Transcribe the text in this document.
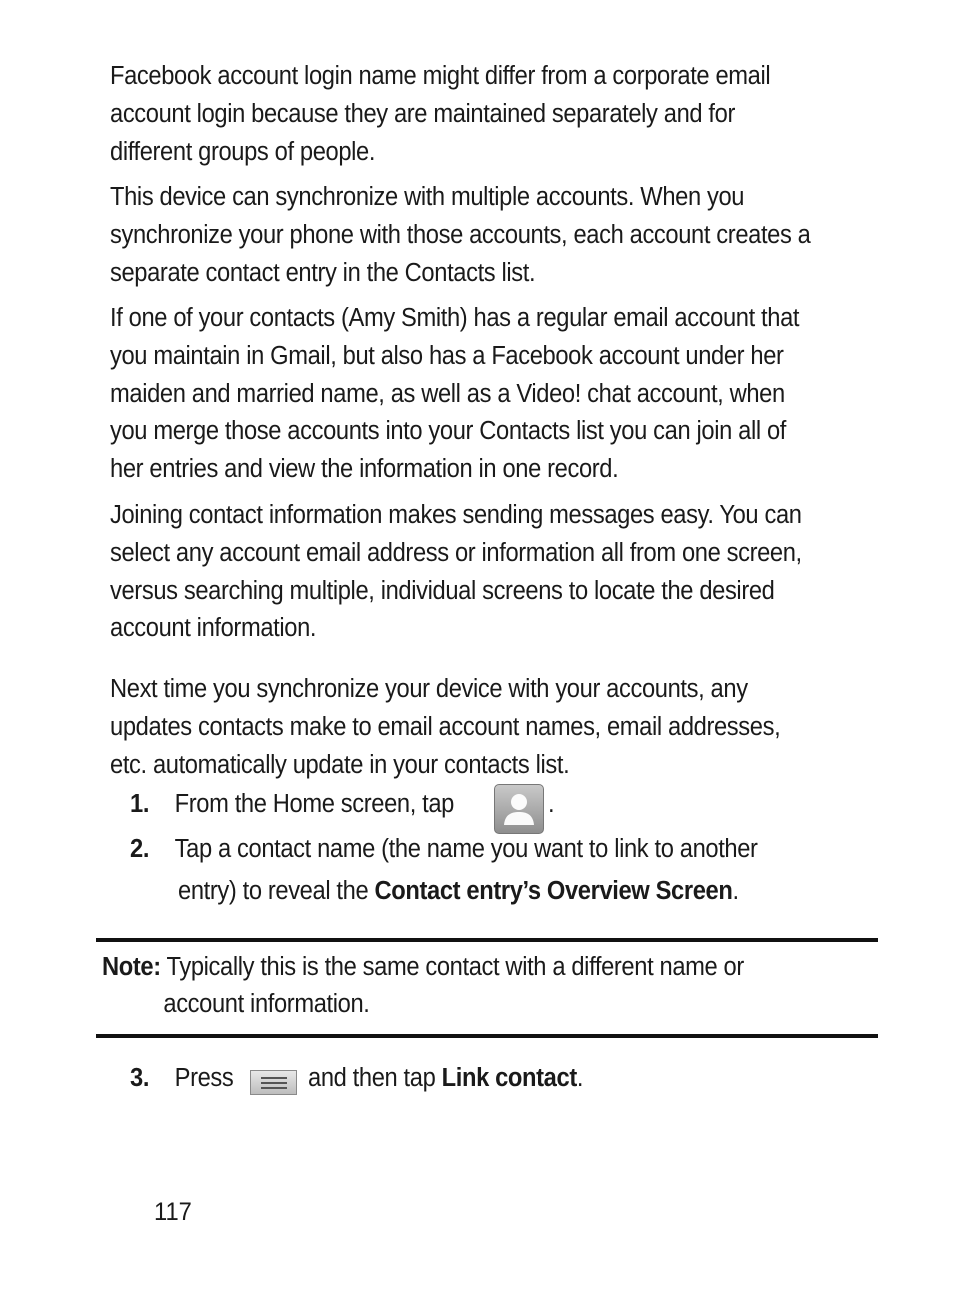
Facebook account login name might differ from a corporate email
account login because they are maintained separately and for
different groups of people.
This device can synchronize with multiple accounts. When you
synchronize your phone with those accounts, each account creates a
separate contact entry in the Contacts list.
If one of your contacts (Amy Smith) has a regular email account that
you maintain in Gmail, but also has a Facebook account under her
maiden and married name, as well as a Video! chat account, when
you merge those accounts into your Contacts list you can join all of
her entries and view the information in one record.
Joining contact information makes sending messages easy. You can
select any account email address or information all from one screen,
versus searching multiple, individual screens to locate the desired
account information.
Next time you synchronize your device with your accounts, any
updates contacts make to email account names, email addresses,
etc. automatically update in your contacts list.
1. From the Home screen, tap	.
2. Tap a contact name (the name you want to link to another
entry) to reveal the Contact entry’s Overview Screen.
Note: Typically this is the same contact with a different name or
account information.
3. Press	and then tap Link contact.
117
